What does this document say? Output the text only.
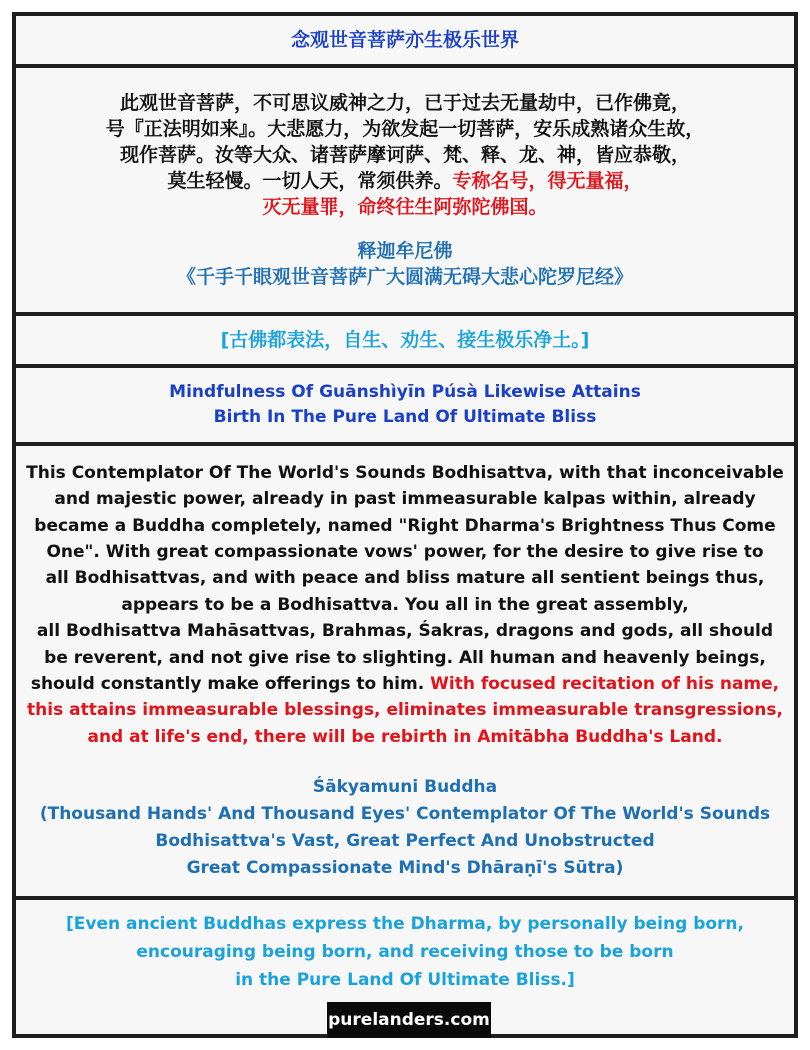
念观世音菩萨亦生极乐世界

此观世音菩萨，不可思议威神之力，已于过去无量劫中，已作佛竟，
号『正法明如来』。大悲愿力，为欲发起一切菩萨，安乐成熟诸众生故，
现作菩萨。汝等大众、诸菩萨摩诃萨、梵、释、龙、神，皆应恭敬，
莫生轻慢。一切人天，常须供养。专称名号，得无量福，
灭无量罪，命终往生阿弥陀佛国。

释迦牟尼佛
《千手千眼观世音菩萨广大圆满无碍大悲心陀罗尼经》

[古佛都表法，自生、劝生、接生极乐净土。]

Mindfulness Of Guānshìyīn Púsà Likewise Attains
Birth In The Pure Land Of Ultimate Bliss

This Contemplator Of The World's Sounds Bodhisattva, with that inconceivable
and majestic power, already in past immeasurable kalpas within, already
became a Buddha completely, named "Right Dharma's Brightness Thus Come
One". With great compassionate vows' power, for the desire to give rise to
all Bodhisattvas, and with peace and bliss mature all sentient beings thus,
appears to be a Bodhisattva. You all in the great assembly,
all Bodhisattva Mahāsattvas, Brahmas, Śakras, dragons and gods, all should
be reverent, and not give rise to slighting. All human and heavenly beings,
should constantly make offerings to him. With focused recitation of his name,
this attains immeasurable blessings, eliminates immeasurable transgressions,
and at life's end, there will be rebirth in Amitābha Buddha's Land.

Śākyamuni Buddha
(Thousand Hands' And Thousand Eyes' Contemplator Of The World's Sounds
Bodhisattva's Vast, Great Perfect And Unobstructed
Great Compassionate Mind's Dhāraṇī's Sūtra)

[Even ancient Buddhas express the Dharma, by personally being born,
encouraging being born, and receiving those to be born
in the Pure Land Of Ultimate Bliss.]

purelanders.com
